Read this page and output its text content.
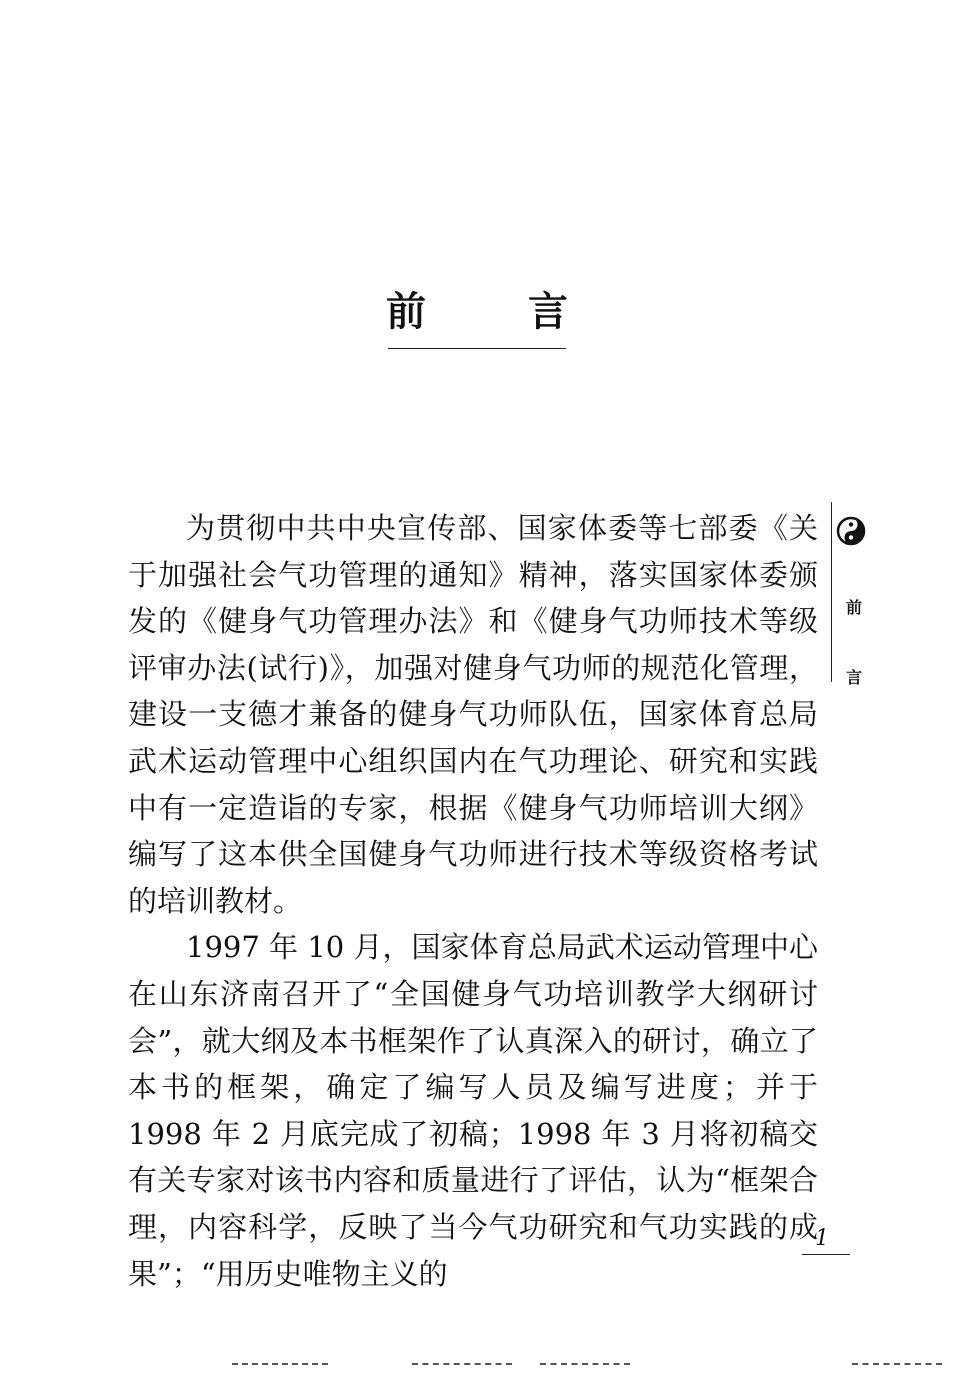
前 言
前言

为贯彻中共中央宣传部、国家体委等七部委《关于加强社会气功管理的通知》精神，落实国家体委颁发的《健身气功管理办法》和《健身气功师技术等级评审办法(试行)》，加强对健身气功师的规范化管理，建设一支德才兼备的健身气功师队伍，国家体育总局武术运动管理中心组织国内在气功理论、研究和实践中有一定造诣的专家，根据《健身气功师培训大纲》编写了这本供全国健身气功师进行技术等级资格考试的培训教材。

1997 年 10 月，国家体育总局武术运动管理中心在山东济南召开了“全国健身气功培训教学大纲研讨会”，就大纲及本书框架作了认真深入的研讨，确立了本书的框架，确定了编写人员及编写进度；并于 1998 年 2 月底完成了初稿；1998 年 3 月将初稿交有关专家对该书内容和质量进行了评估，认为“框架合理，内容科学，反映了当今气功研究和气功实践的成果”；“用历史唯物主义的

1
